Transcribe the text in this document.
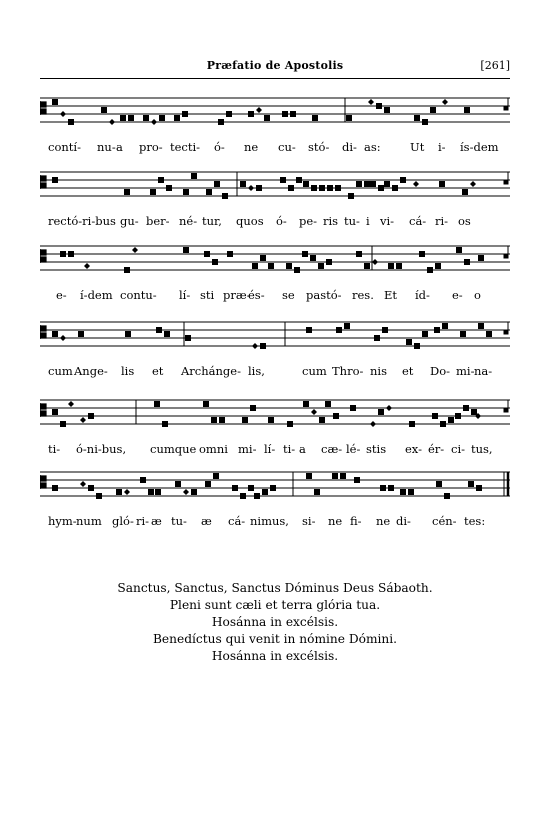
Præfatio de Apostolis	[261]
contí- nu- a pro- tecti- ó- ne cu- stó- di- as:	Ut i- ís-dem
rectó-ri-bus gu- ber- né- tur, quos ó- pe- ris tu- i vi- cá- ri- os
e- í-dem contu- lí- sti præ-
és- se pastó- res. Et íd- e- o
cum Ange- lis et Archánge- lis,	cum Thro- nis et Do- mi- na-
ti- ó-ni-bus, cumque omni mi- lí- ti- a cæ- lé- stis ex- ér- ci- tus,
hym- num gló- ri- æ tu- æ cá- nimus, si- ne fi- ne di- cén- tes:
Sanctus, Sanctus, Sanctus Dóminus Deus Sábaoth.
Pleni sunt cæli et terra glória tua.
Hosánna in excélsis.
Benedíctus qui venit in nómine Dómini.
Hosánna in excélsis.
